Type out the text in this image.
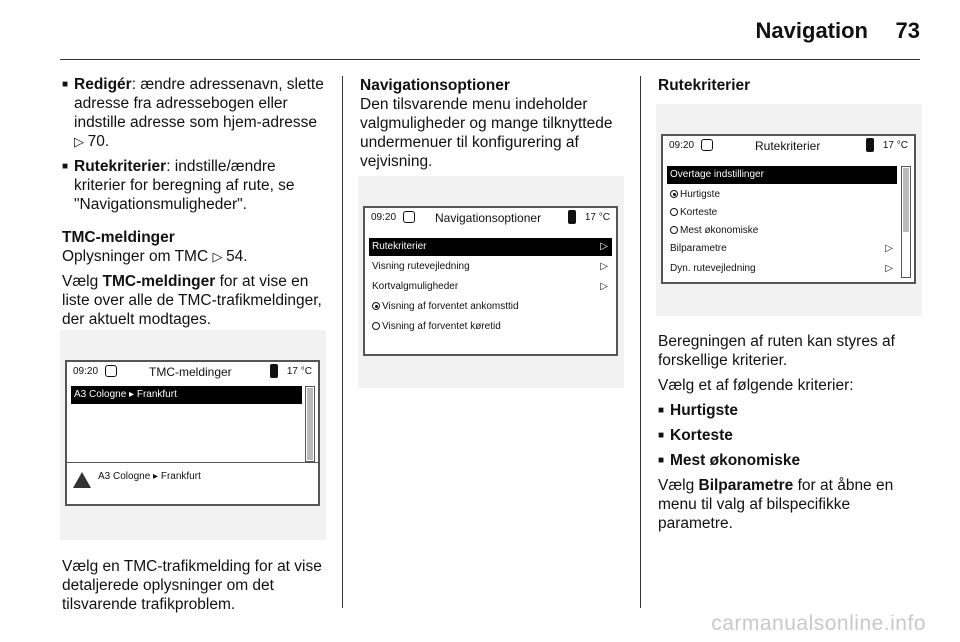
Navigation 73
■ Redigér: ændre adressenavn, slette adresse fra adressebogen eller indstille adresse som hjem-adresse ▷ 70.
■ Rutekriterier: indstille/ændre kriterier for beregning af rute, se "Navigationsmuligheder".
TMC-meldinger
Oplysninger om TMC ▷ 54.
Vælg TMC-meldinger for at vise en liste over alle de TMC-trafikmeldinger, der aktuelt modtages.
09:20	TMC-meldinger	17 °C
A3 Cologne ▸ Frankfurt
A3 Cologne ▸ Frankfurt
Vælg en TMC-trafikmelding for at vise detaljerede oplysninger om det tilsvarende trafikproblem.
Navigationsoptioner
Den tilsvarende menu indeholder valgmuligheder og mange tilknyttede undermenuer til konfigurering af vejvisning.
09:20	Navigationsoptioner	17 °C
Rutekriterier	▷
Visning rutevejledning	▷
Kortvalgmuligheder	▷
Visning af forventet ankomsttid
Visning af forventet køretid
Rutekriterier
09:20	Rutekriterier	17 °C
Overtage indstillinger
Hurtigste
Korteste
Mest økonomiske
Bilparametre	▷
Dyn. rutevejledning	▷
Beregningen af ruten kan styres af forskellige kriterier.
Vælg et af følgende kriterier:
■ Hurtigste
■ Korteste
■ Mest økonomiske
Vælg Bilparametre for at åbne en menu til valg af bilspecifikke parametre.
carmanualsonline.info
